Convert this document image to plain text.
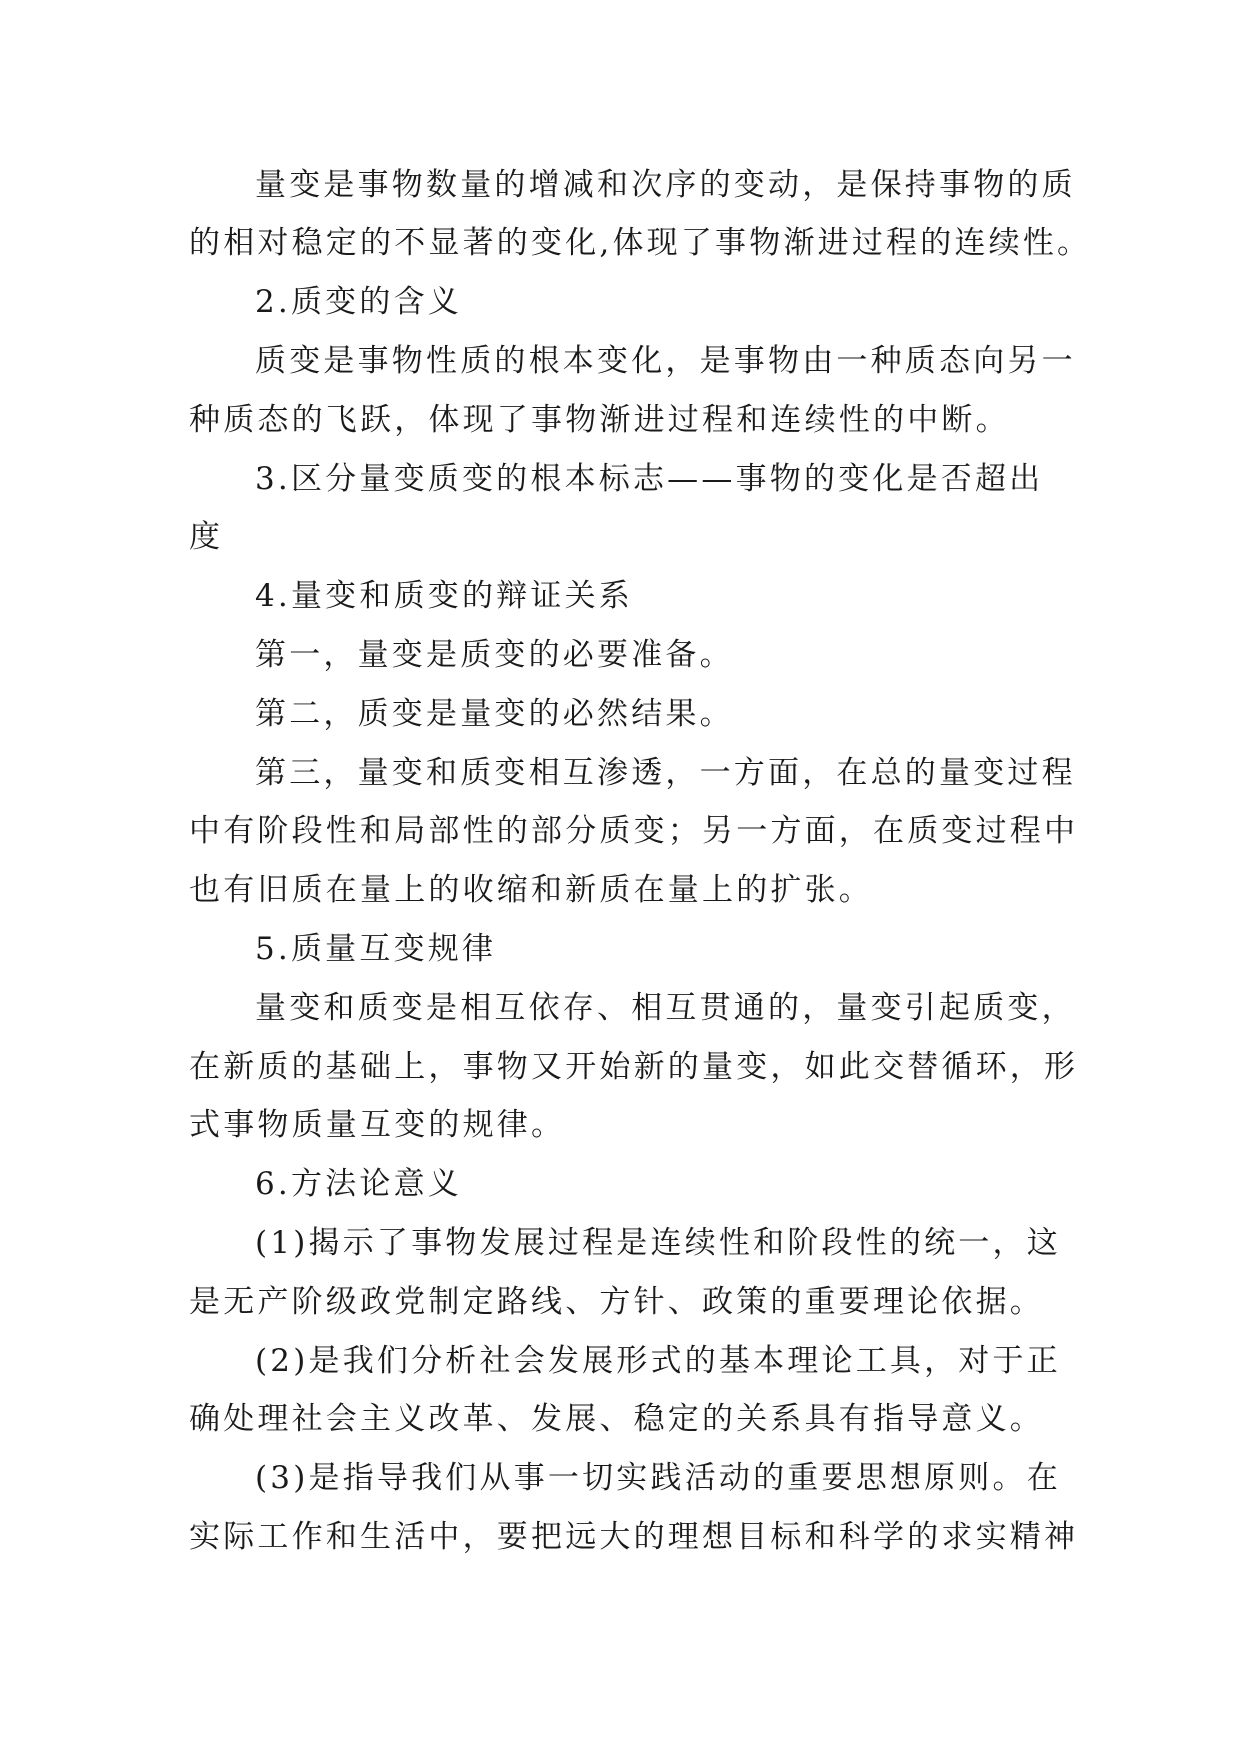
量变是事物数量的增减和次序的变动，是保持事物的质
的相对稳定的不显著的变化,体现了事物渐进过程的连续性。
2.质变的含义
质变是事物性质的根本变化，是事物由一种质态向另一
种质态的飞跃，体现了事物渐进过程和连续性的中断。
3.区分量变质变的根本标志——事物的变化是否超出
度
4.量变和质变的辩证关系
第一，量变是质变的必要准备。
第二，质变是量变的必然结果。
第三，量变和质变相互渗透，一方面，在总的量变过程
中有阶段性和局部性的部分质变；另一方面，在质变过程中
也有旧质在量上的收缩和新质在量上的扩张。
5.质量互变规律
量变和质变是相互依存、相互贯通的，量变引起质变，
在新质的基础上，事物又开始新的量变，如此交替循环，形
式事物质量互变的规律。
6.方法论意义
(1)揭示了事物发展过程是连续性和阶段性的统一，这
是无产阶级政党制定路线、方针、政策的重要理论依据。
(2)是我们分析社会发展形式的基本理论工具，对于正
确处理社会主义改革、发展、稳定的关系具有指导意义。
(3)是指导我们从事一切实践活动的重要思想原则。在
实际工作和生活中，要把远大的理想目标和科学的求实精神
